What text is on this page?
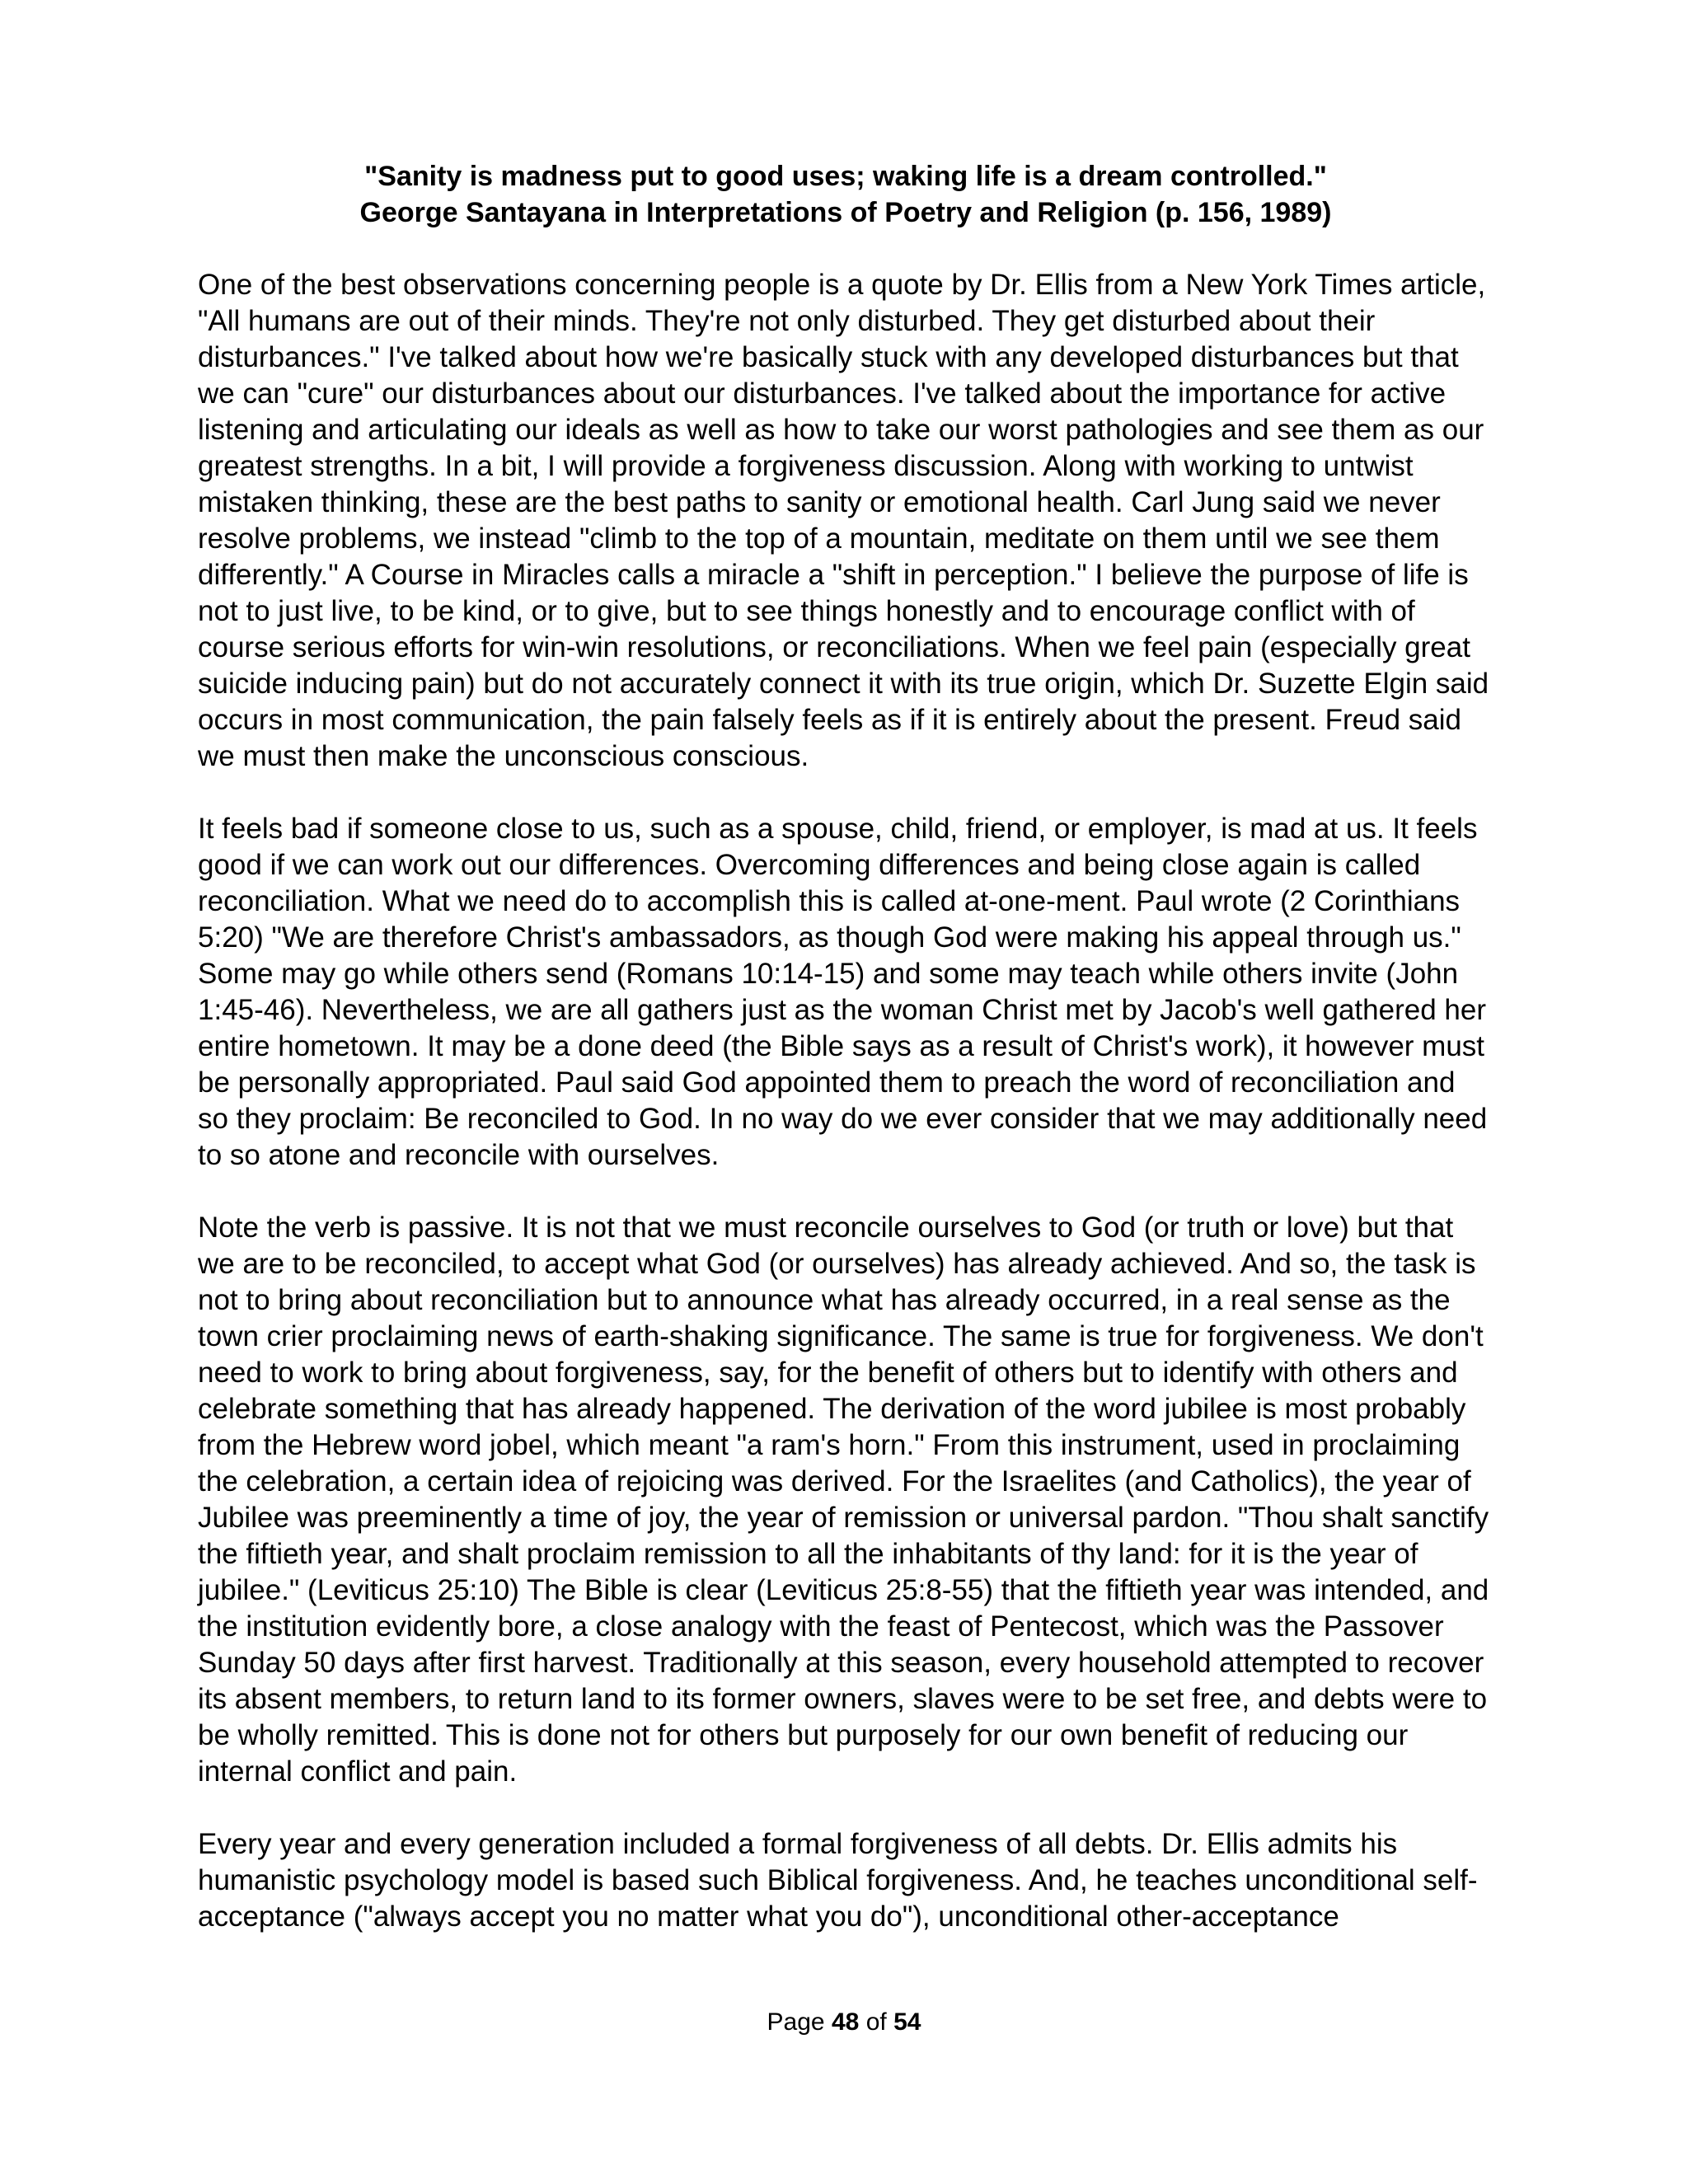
"Sanity is madness put to good uses; waking life is a dream controlled."
George Santayana in Interpretations of Poetry and Religion (p. 156, 1989)

One of the best observations concerning people is a quote by Dr. Ellis from a New York Times article, "All humans are out of their minds. They're not only disturbed. They get disturbed about their disturbances." I've talked about how we're basically stuck with any developed disturbances but that we can "cure" our disturbances about our disturbances. I've talked about the importance for active listening and articulating our ideals as well as how to take our worst pathologies and see them as our greatest strengths. In a bit, I will provide a forgiveness discussion. Along with working to untwist mistaken thinking, these are the best paths to sanity or emotional health. Carl Jung said we never resolve problems, we instead "climb to the top of a mountain, meditate on them until we see them differently." A Course in Miracles calls a miracle a "shift in perception." I believe the purpose of life is not to just live, to be kind, or to give, but to see things honestly and to encourage conflict with of course serious efforts for win-win resolutions, or reconciliations. When we feel pain (especially great suicide inducing pain) but do not accurately connect it with its true origin, which Dr. Suzette Elgin said occurs in most communication, the pain falsely feels as if it is entirely about the present. Freud said we must then make the unconscious conscious.

It feels bad if someone close to us, such as a spouse, child, friend, or employer, is mad at us. It feels good if we can work out our differences. Overcoming differences and being close again is called reconciliation. What we need do to accomplish this is called at-one-ment. Paul wrote (2 Corinthians 5:20) "We are therefore Christ's ambassadors, as though God were making his appeal through us." Some may go while others send (Romans 10:14-15) and some may teach while others invite (John 1:45-46). Nevertheless, we are all gathers just as the woman Christ met by Jacob's well gathered her entire hometown. It may be a done deed (the Bible says as a result of Christ's work), it however must be personally appropriated. Paul said God appointed them to preach the word of reconciliation and so they proclaim: Be reconciled to God. In no way do we ever consider that we may additionally need to so atone and reconcile with ourselves.

Note the verb is passive. It is not that we must reconcile ourselves to God (or truth or love) but that we are to be reconciled, to accept what God (or ourselves) has already achieved. And so, the task is not to bring about reconciliation but to announce what has already occurred, in a real sense as the town crier proclaiming news of earth-shaking significance. The same is true for forgiveness. We don't need to work to bring about forgiveness, say, for the benefit of others but to identify with others and celebrate something that has already happened. The derivation of the word jubilee is most probably from the Hebrew word jobel, which meant "a ram's horn." From this instrument, used in proclaiming the celebration, a certain idea of rejoicing was derived. For the Israelites (and Catholics), the year of Jubilee was preeminently a time of joy, the year of remission or universal pardon. "Thou shalt sanctify the fiftieth year, and shalt proclaim remission to all the inhabitants of thy land: for it is the year of jubilee." (Leviticus 25:10) The Bible is clear (Leviticus 25:8-55) that the fiftieth year was intended, and the institution evidently bore, a close analogy with the feast of Pentecost, which was the Passover Sunday 50 days after first harvest. Traditionally at this season, every household attempted to recover its absent members, to return land to its former owners, slaves were to be set free, and debts were to be wholly remitted. This is done not for others but purposely for our own benefit of reducing our internal conflict and pain.

Every year and every generation included a formal forgiveness of all debts. Dr. Ellis admits his humanistic psychology model is based such Biblical forgiveness. And, he teaches unconditional self-acceptance ("always accept you no matter what you do"), unconditional other-acceptance

Page 48 of 54
